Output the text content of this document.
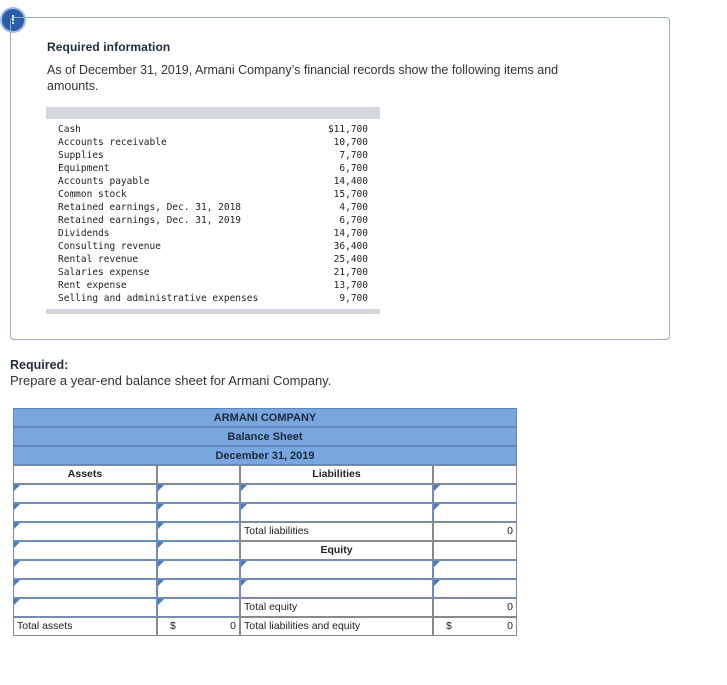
!
Required information
As of December 31, 2019, Armani Company’s financial records show the following items and amounts.
Cash	$11,700
Accounts receivable	10,700
Supplies	7,700
Equipment	6,700
Accounts payable	14,400
Common stock	15,700
Retained earnings, Dec. 31, 2018	4,700
Retained earnings, Dec. 31, 2019	6,700
Dividends	14,700
Consulting revenue	36,400
Rental revenue	25,400
Salaries expense	21,700
Rent expense	13,700
Selling and administrative expenses	9,700
Required:
Prepare a year-end balance sheet for Armani Company.
ARMANI COMPANY
Balance Sheet
December 31, 2019
Assets	Liabilities
Total liabilities	0
Equity
Total equity	0
Total assets	$	0 Total liabilities and equity	$	0
